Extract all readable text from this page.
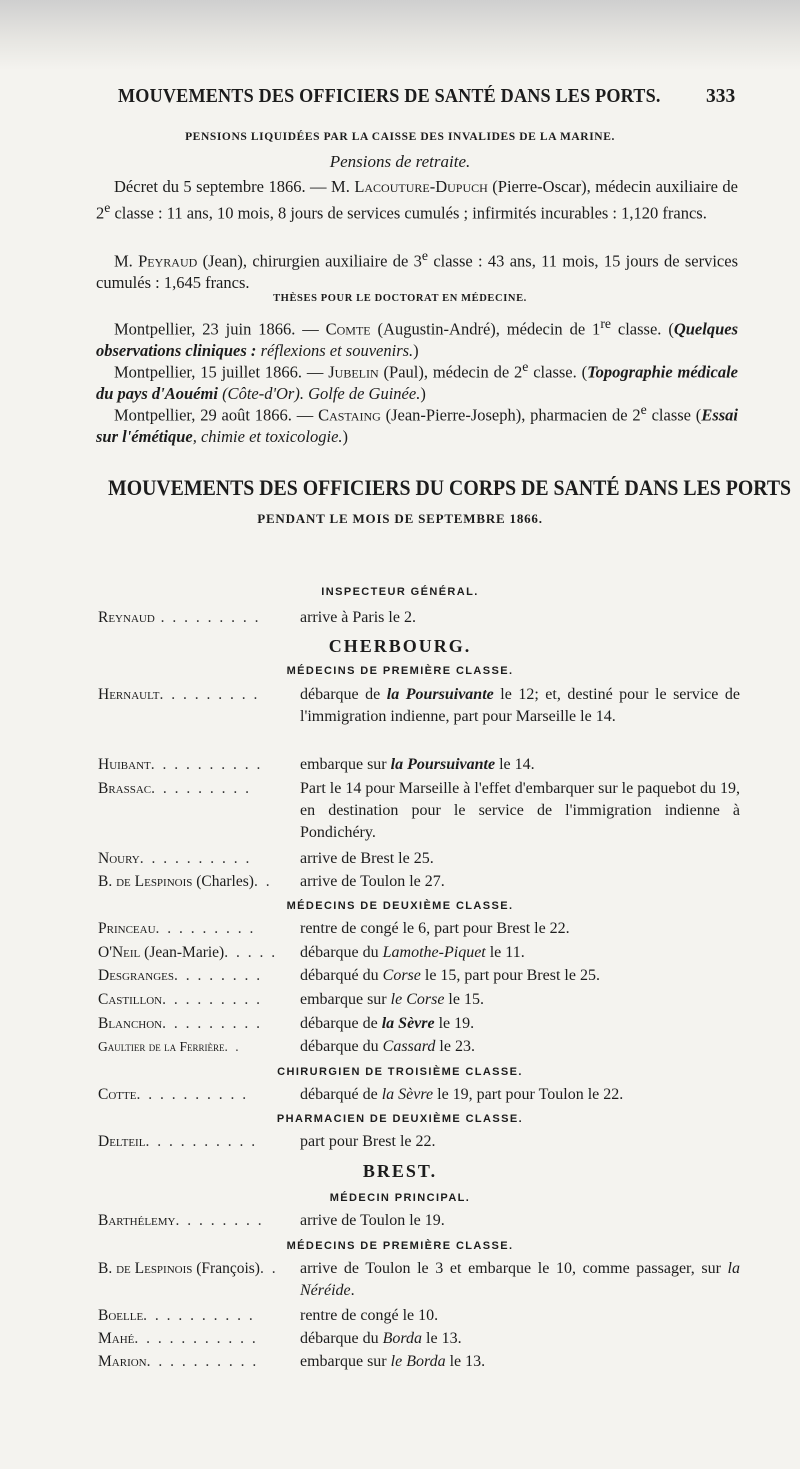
MOUVEMENTS DES OFFICIERS DE SANTÉ DANS LES PORTS.	333
PENSIONS LIQUIDÉES PAR LA CAISSE DES INVALIDES DE LA MARINE.
Pensions de retraite.
Décret du 5 septembre 1866. — M. Lacouture-Dupuch (Pierre-Oscar), médecin auxiliaire de 2e classe : 11 ans, 10 mois, 8 jours de services cumulés ; infirmités incurables : 1,120 francs.
M. Peyraud (Jean), chirurgien auxiliaire de 3e classe : 43 ans, 11 mois, 15 jours de services cumulés : 1,645 francs.
THÈSES POUR LE DOCTORAT EN MÉDECINE.
Montpellier, 23 juin 1866. — Comte (Augustin-André), médecin de 1re classe. (Quelques observations cliniques : réflexions et souvenirs.)
Montpellier, 15 juillet 1866. — Jubelin (Paul), médecin de 2e classe. (Topographie médicale du pays d'Aouémi (Côte-d'Or). Golfe de Guinée.)
Montpellier, 29 août 1866. — Castaing (Jean-Pierre-Joseph), pharmacien de 2e classe (Essai sur l'émétique, chimie et toxicologie.)
MOUVEMENTS DES OFFICIERS DU CORPS DE SANTÉ DANS LES PORTS
PENDANT LE MOIS DE SEPTEMBRE 1866.
INSPECTEUR GÉNÉRAL.
Reynaud . . . . . . . . .	arrive à Paris le 2.
CHERBOURG.
MÉDECINS DE PREMIÈRE CLASSE.
Hernault. . . . . . . . .	débarque de la Poursuivante le 12; et, destiné pour le service de l'immigration indienne, part pour Marseille le 14.
Huibant. . . . . . . . . .	embarque sur la Poursuivante le 14.
Brassac. . . . . . . . .	Part le 14 pour Marseille à l'effet d'embarquer sur le paquebot du 19, en destination pour le service de l'immigration indienne à Pondichéry.
Noury. . . . . . . . . .	arrive de Brest le 25.
B. de Lespinois (Charles). .	arrive de Toulon le 27.
MÉDECINS DE DEUXIÈME CLASSE.
Princeau. . . . . . . . .	rentre de congé le 6, part pour Brest le 22.
O'Neil (Jean-Marie). . . . .	débarque du Lamothe-Piquet le 11.
Desgranges. . . . . . . .	débarqué du Corse le 15, part pour Brest le 25.
Castillon. . . . . . . . .	embarque sur le Corse le 15.
Blanchon. . . . . . . . .	débarque de la Sèvre le 19.
Gaultier de la Ferrière. .	débarque du Cassard le 23.
CHIRURGIEN DE TROISIÈME CLASSE.
Cotte. . . . . . . . . .	débarqué de la Sèvre le 19, part pour Toulon le 22.
PHARMACIEN DE DEUXIÈME CLASSE.
Delteil. . . . . . . . . .	part pour Brest le 22.
BREST.
MÉDECIN PRINCIPAL.
Barthélemy. . . . . . . .	arrive de Toulon le 19.
MÉDECINS DE PREMIÈRE CLASSE.
B. de Lespinois (François). .	arrive de Toulon le 3 et embarque le 10, comme passager, sur la Néréide.
Boelle. . . . . . . . . .	rentre de congé le 10.
Mahé. . . . . . . . . . .	débarque du Borda le 13.
Marion. . . . . . . . . .	embarque sur le Borda le 13.
